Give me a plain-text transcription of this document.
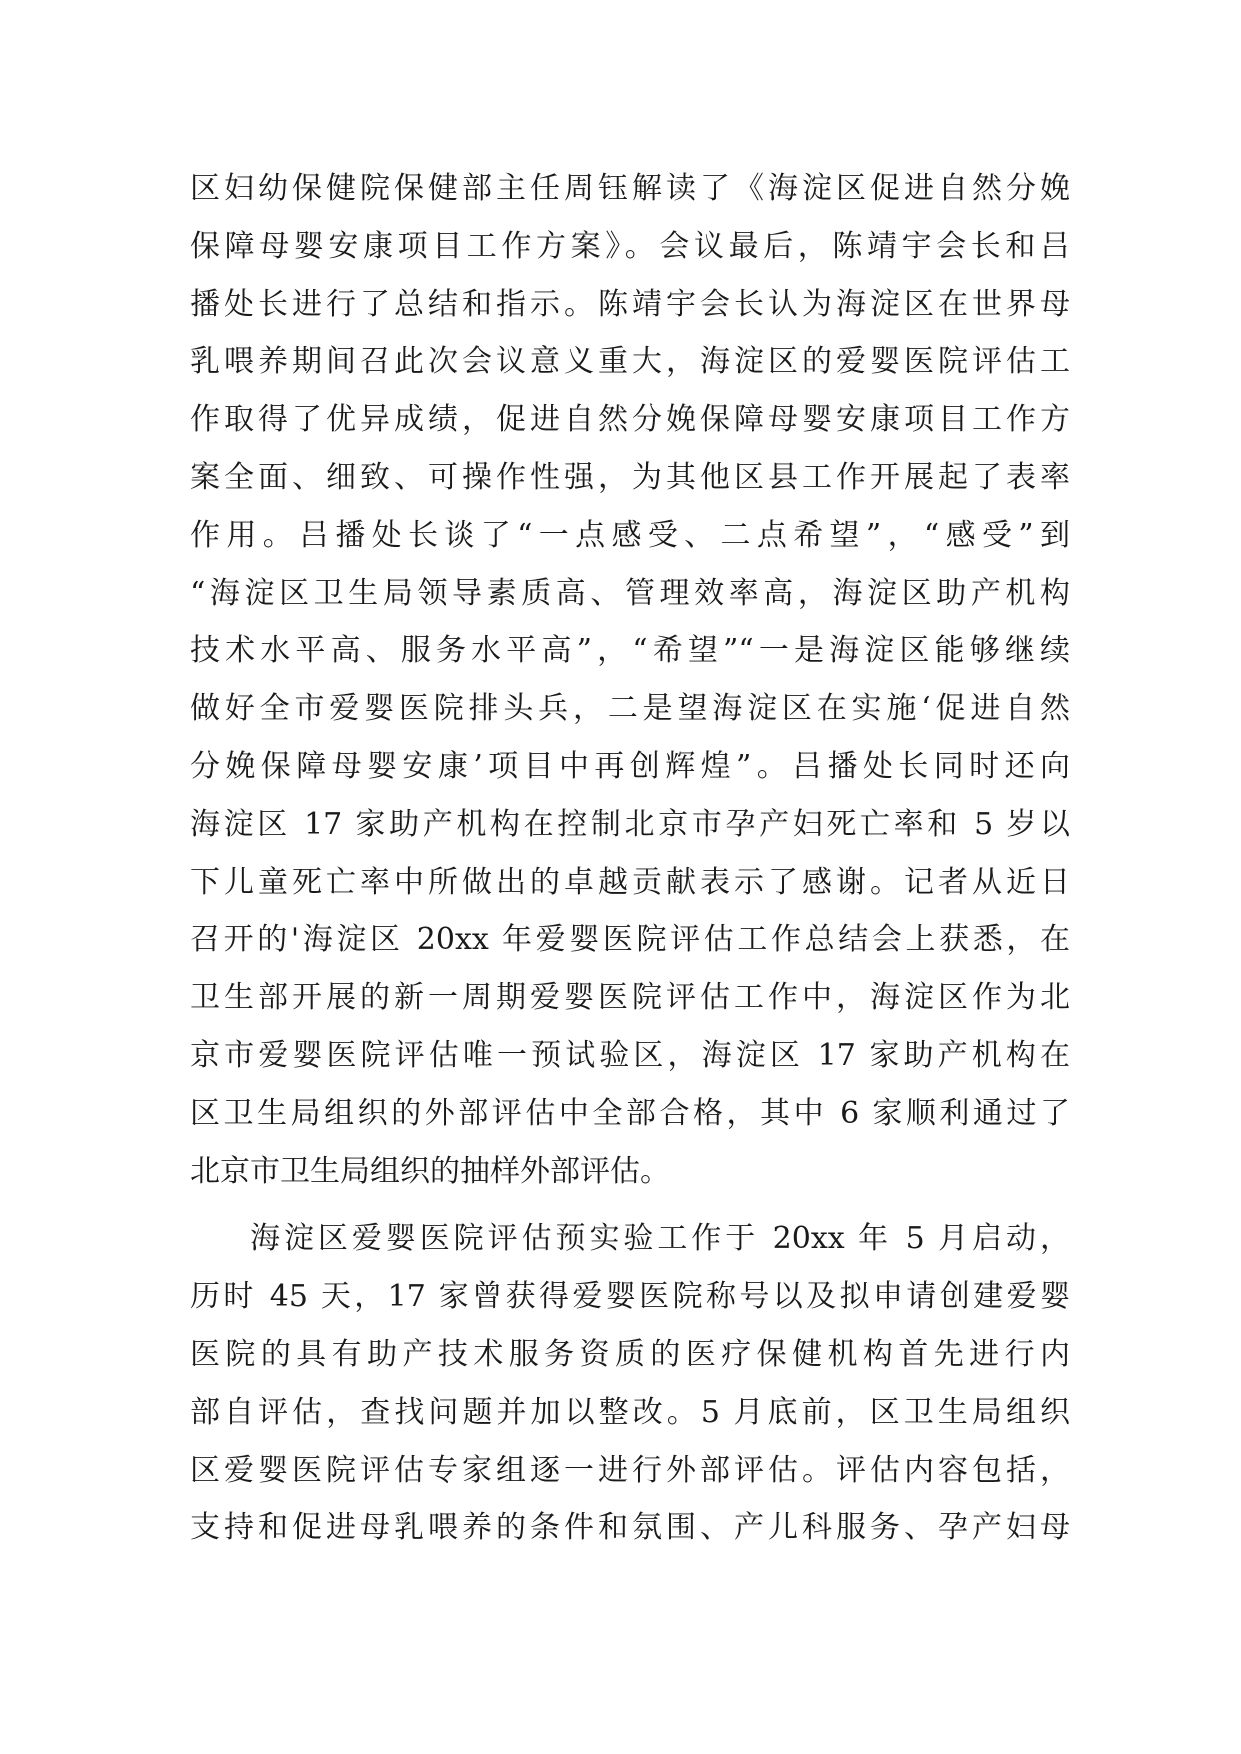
区妇幼保健院保健部主任周钰解读了《海淀区促进自然分娩
保障母婴安康项目工作方案》。会议最后，陈靖宇会长和吕
播处长进行了总结和指示。陈靖宇会长认为海淀区在世界母
乳喂养期间召此次会议意义重大，海淀区的爱婴医院评估工
作取得了优异成绩，促进自然分娩保障母婴安康项目工作方
案全面、细致、可操作性强，为其他区县工作开展起了表率
作用。吕播处长谈了“一点感受、二点希望”，“感受”到
“海淀区卫生局领导素质高、管理效率高，海淀区助产机构
技术水平高、服务水平高”，“希望”“一是海淀区能够继续
做好全市爱婴医院排头兵，二是望海淀区在实施‘促进自然
分娩保障母婴安康’项目中再创辉煌”。吕播处长同时还向
海淀区 17 家助产机构在控制北京市孕产妇死亡率和 5 岁以
下儿童死亡率中所做出的卓越贡献表示了感谢。记者从近日
召开的'海淀区 20xx 年爱婴医院评估工作总结会上获悉，在
卫生部开展的新一周期爱婴医院评估工作中，海淀区作为北
京市爱婴医院评估唯一预试验区，海淀区 17 家助产机构在
区卫生局组织的外部评估中全部合格，其中 6 家顺利通过了
北京市卫生局组织的抽样外部评估。
海淀区爱婴医院评估预实验工作于 20xx 年 5 月启动，
历时 45 天，17 家曾获得爱婴医院称号以及拟申请创建爱婴
医院的具有助产技术服务资质的医疗保健机构首先进行内
部自评估，查找问题并加以整改。5 月底前，区卫生局组织
区爱婴医院评估专家组逐一进行外部评估。评估内容包括，
支持和促进母乳喂养的条件和氛围、产儿科服务、孕产妇母
